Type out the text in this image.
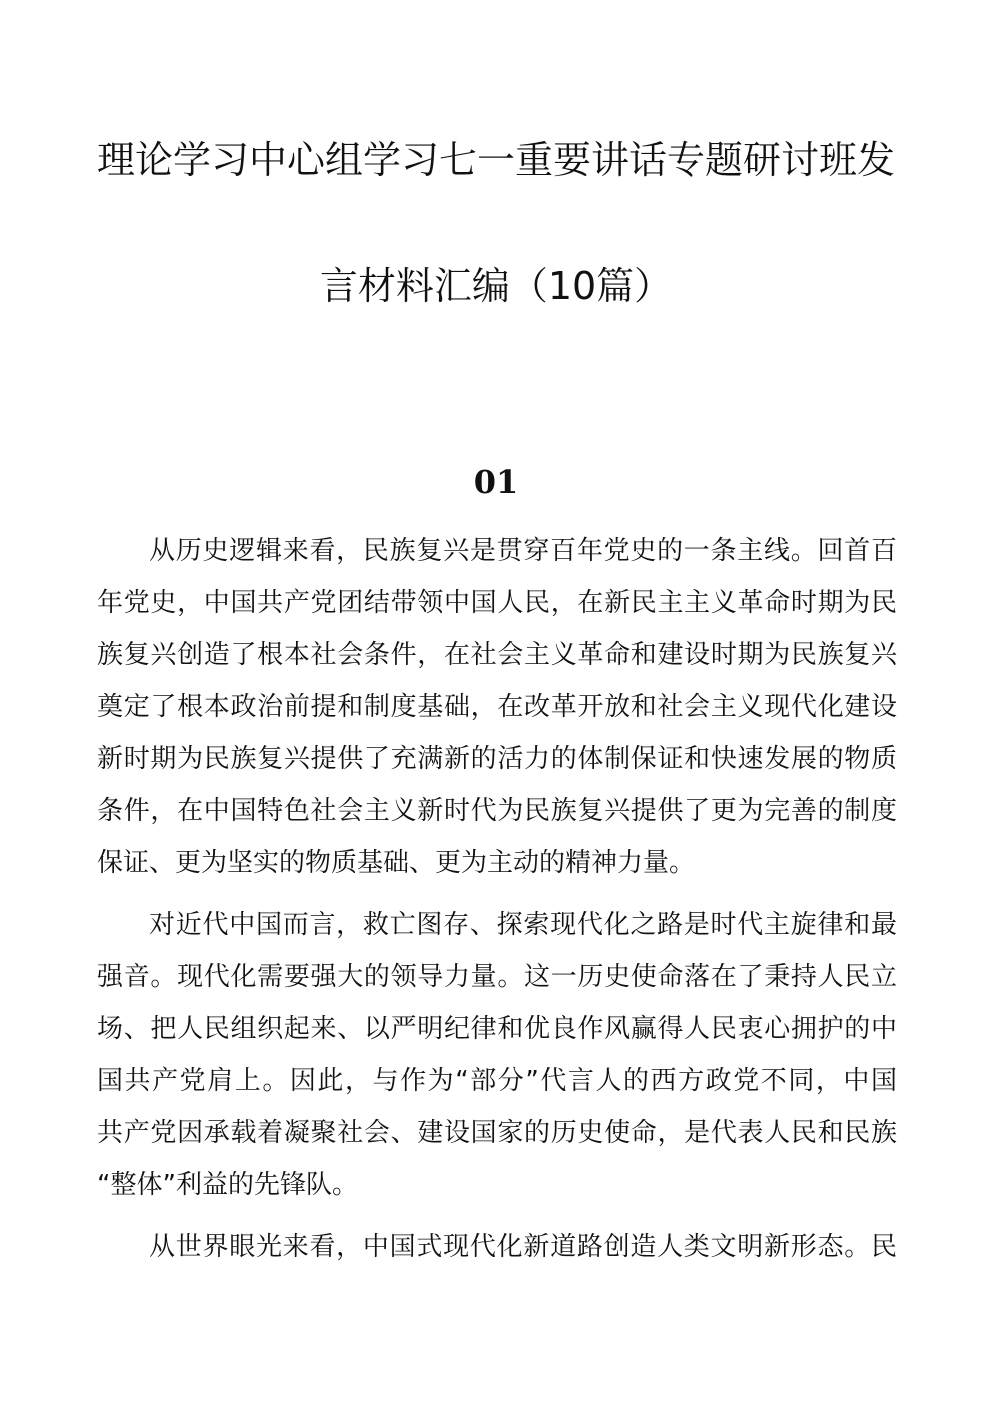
理论学习中心组学习七一重要讲话专题研讨班发
言材料汇编（10篇）
01
从历史逻辑来看，民族复兴是贯穿百年党史的一条主线。回首百
年党史，中国共产党团结带领中国人民，在新民主主义革命时期为民
族复兴创造了根本社会条件，在社会主义革命和建设时期为民族复兴
奠定了根本政治前提和制度基础，在改革开放和社会主义现代化建设
新时期为民族复兴提供了充满新的活力的体制保证和快速发展的物质
条件，在中国特色社会主义新时代为民族复兴提供了更为完善的制度
保证、更为坚实的物质基础、更为主动的精神力量。
对近代中国而言，救亡图存、探索现代化之路是时代主旋律和最
强音。现代化需要强大的领导力量。这一历史使命落在了秉持人民立
场、把人民组织起来、以严明纪律和优良作风赢得人民衷心拥护的中
国共产党肩上。因此，与作为“部分”代言人的西方政党不同，中国
共产党因承载着凝聚社会、建设国家的历史使命，是代表人民和民族
“整体”利益的先锋队。
从世界眼光来看，中国式现代化新道路创造人类文明新形态。民
